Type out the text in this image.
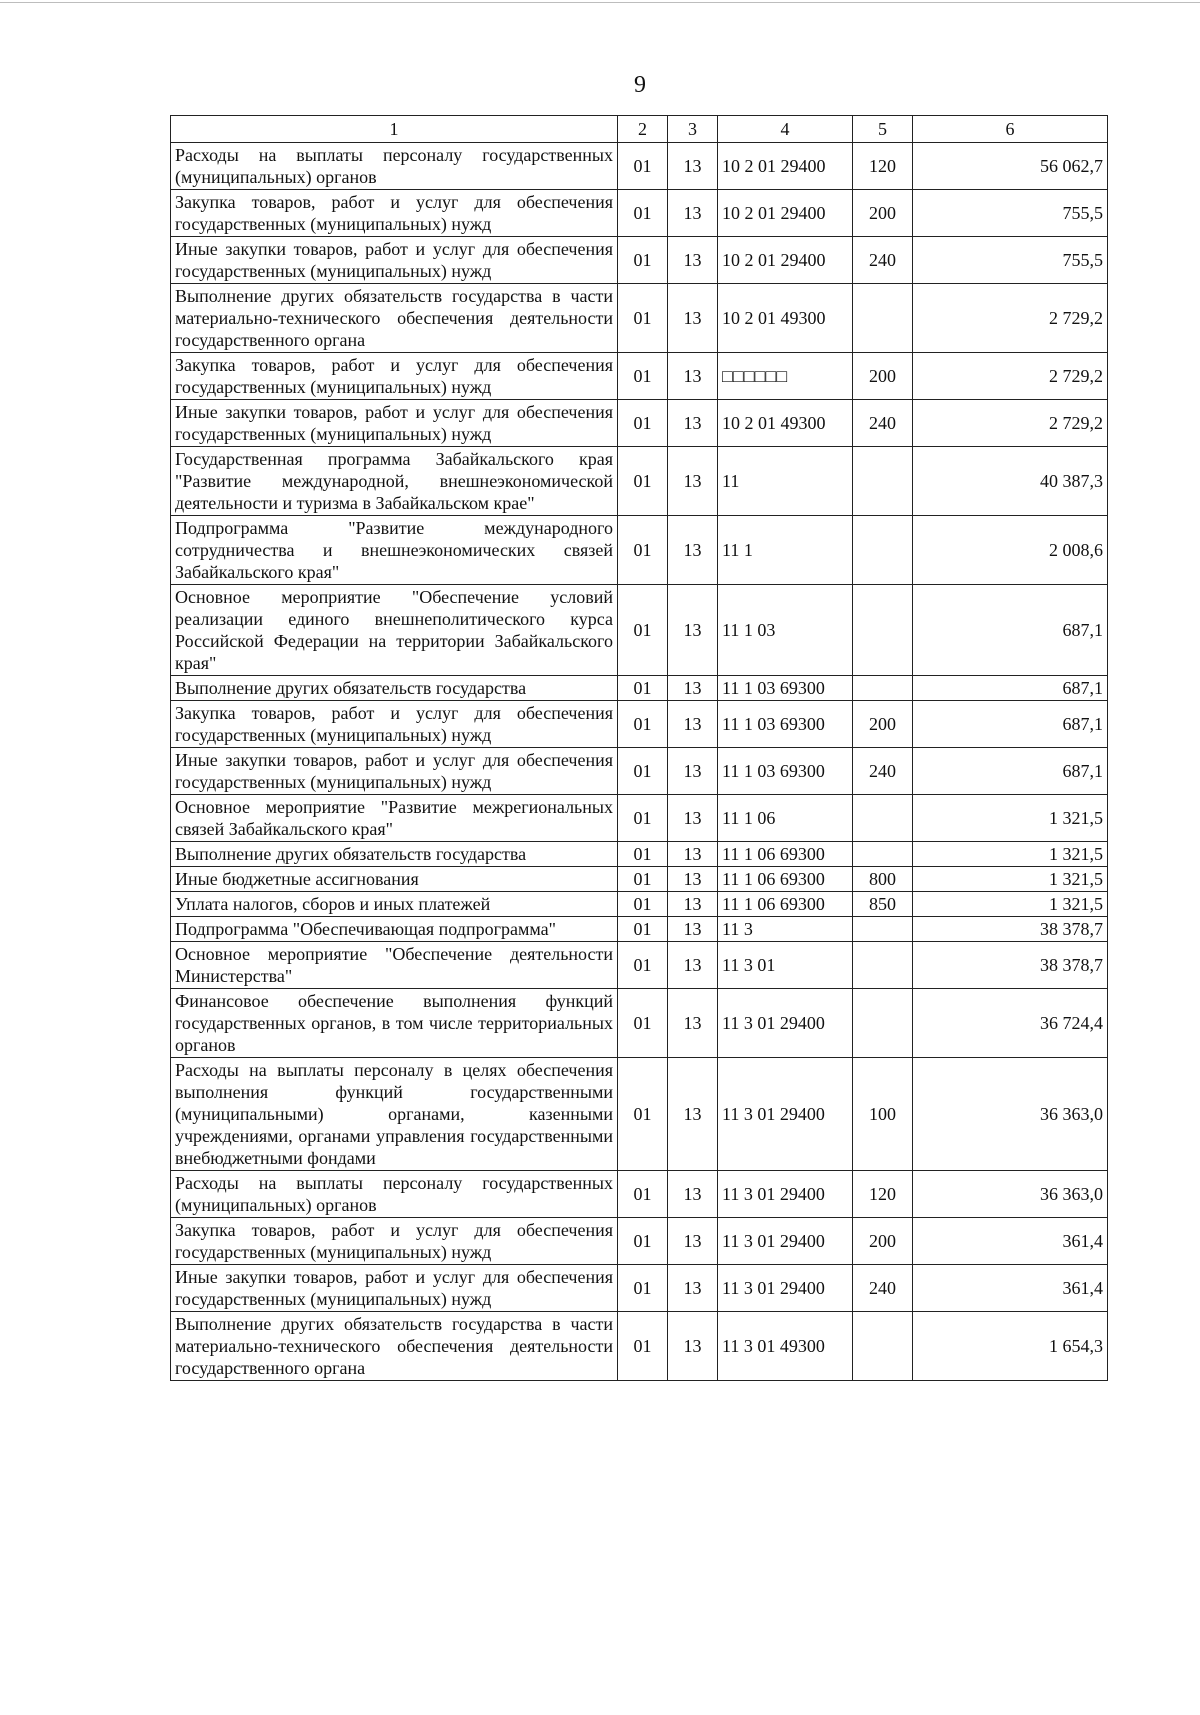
9
1	2	3	4	5	6
Расходы на выплаты персоналу государственных (муниципальных) органов	01	13	10 2 01 29400	120	56 062,7
Закупка товаров, работ и услуг для обеспечения государственных (муниципальных) нужд	01	13	10 2 01 29400	200	755,5
Иные закупки товаров, работ и услуг для обеспечения государственных (муниципальных) нужд	01	13	10 2 01 29400	240	755,5
Выполнение других обязательств государства в части материально-технического обеспечения деятельности государственного органа	01	13	10 2 01 49300		2 729,2
Закупка товаров, работ и услуг для обеспечения государственных (муниципальных) нужд	01	13	□□□□□□	200	2 729,2
Иные закупки товаров, работ и услуг для обеспечения государственных (муниципальных) нужд	01	13	10 2 01 49300	240	2 729,2
Государственная программа Забайкальского края "Развитие международной, внешнеэкономической деятельности и туризма в Забайкальском крае"	01	13	11		40 387,3
Подпрограмма "Развитие международного сотрудничества и внешнеэкономических связей Забайкальского края"	01	13	11 1		2 008,6
Основное мероприятие "Обеспечение условий реализации единого внешнеполитического курса Российской Федерации на территории Забайкальского края"	01	13	11 1 03		687,1
Выполнение других обязательств государства	01	13	11 1 03 69300		687,1
Закупка товаров, работ и услуг для обеспечения государственных (муниципальных) нужд	01	13	11 1 03 69300	200	687,1
Иные закупки товаров, работ и услуг для обеспечения государственных (муниципальных) нужд	01	13	11 1 03 69300	240	687,1
Основное мероприятие "Развитие межрегиональных связей Забайкальского края"	01	13	11 1 06		1 321,5
Выполнение других обязательств государства	01	13	11 1 06 69300		1 321,5
Иные бюджетные ассигнования	01	13	11 1 06 69300	800	1 321,5
Уплата налогов, сборов и иных платежей	01	13	11 1 06 69300	850	1 321,5
Подпрограмма "Обеспечивающая подпрограмма"	01	13	11 3		38 378,7
Основное мероприятие "Обеспечение деятельности Министерства"	01	13	11 3 01		38 378,7
Финансовое обеспечение выполнения функций государственных органов, в том числе территориальных органов	01	13	11 3 01 29400		36 724,4
Расходы на выплаты персоналу в целях обеспечения выполнения функций государственными (муниципальными) органами, казенными учреждениями, органами управления государственными внебюджетными фондами	01	13	11 3 01 29400	100	36 363,0
Расходы на выплаты персоналу государственных (муниципальных) органов	01	13	11 3 01 29400	120	36 363,0
Закупка товаров, работ и услуг для обеспечения государственных (муниципальных) нужд	01	13	11 3 01 29400	200	361,4
Иные закупки товаров, работ и услуг для обеспечения государственных (муниципальных) нужд	01	13	11 3 01 29400	240	361,4
Выполнение других обязательств государства в части материально-технического обеспечения деятельности государственного органа	01	13	11 3 01 49300		1 654,3
